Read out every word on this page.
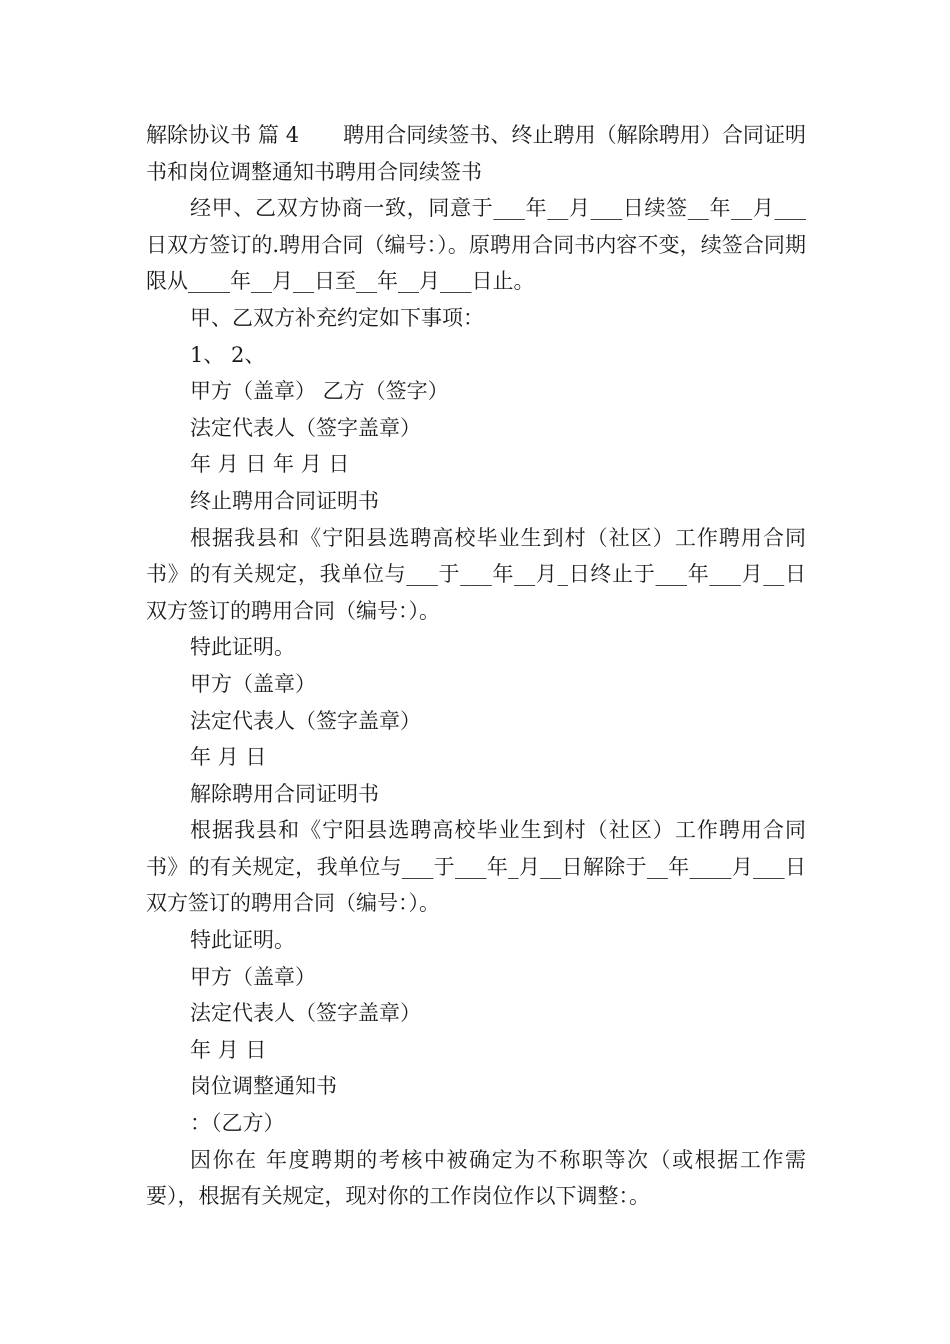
解除协议书 篇 4 聘用合同续签书、终止聘用（解除聘用）合同证明书和岗位调整通知书聘用合同续签书

经甲、乙双方协商一致，同意于___年__月___日续签__年__月___日双方签订的.聘用合同（编号：）。原聘用合同书内容不变，续签合同期限从____年__月__日至__年__月___日止。

甲、乙双方补充约定如下事项：

1、 2、

甲方（盖章） 乙方（签字）

法定代表人（签字盖章）

年 月 日 年 月 日

终止聘用合同证明书

根据我县和《宁阳县选聘高校毕业生到村（社区）工作聘用合同书》的有关规定，我单位与___于___年__月_日终止于___年___月__日双方签订的聘用合同（编号：）。

特此证明。

甲方（盖章）

法定代表人（签字盖章）

年 月 日

解除聘用合同证明书

根据我县和《宁阳县选聘高校毕业生到村（社区）工作聘用合同书》的有关规定，我单位与___于___年_月__日解除于__年____月___日双方签订的聘用合同（编号：）。

特此证明。

甲方（盖章）

法定代表人（签字盖章）

年 月 日

岗位调整通知书

：（乙方）

因你在 年度聘期的考核中被确定为不称职等次（或根据工作需要），根据有关规定，现对你的工作岗位作以下调整：。
